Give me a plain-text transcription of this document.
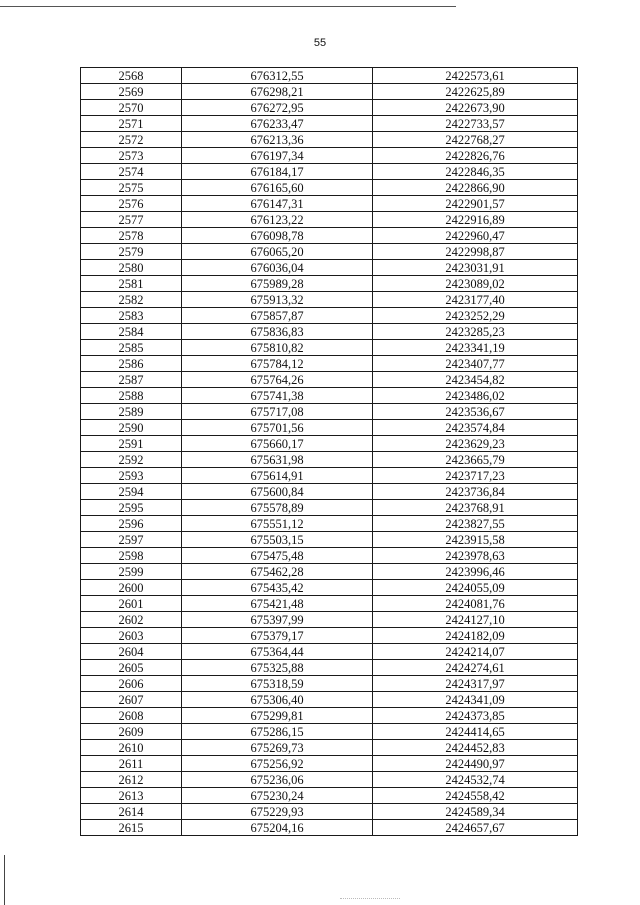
55
2568	676312,55	2422573,61
2569	676298,21	2422625,89
2570	676272,95	2422673,90
2571	676233,47	2422733,57
2572	676213,36	2422768,27
2573	676197,34	2422826,76
2574	676184,17	2422846,35
2575	676165,60	2422866,90
2576	676147,31	2422901,57
2577	676123,22	2422916,89
2578	676098,78	2422960,47
2579	676065,20	2422998,87
2580	676036,04	2423031,91
2581	675989,28	2423089,02
2582	675913,32	2423177,40
2583	675857,87	2423252,29
2584	675836,83	2423285,23
2585	675810,82	2423341,19
2586	675784,12	2423407,77
2587	675764,26	2423454,82
2588	675741,38	2423486,02
2589	675717,08	2423536,67
2590	675701,56	2423574,84
2591	675660,17	2423629,23
2592	675631,98	2423665,79
2593	675614,91	2423717,23
2594	675600,84	2423736,84
2595	675578,89	2423768,91
2596	675551,12	2423827,55
2597	675503,15	2423915,58
2598	675475,48	2423978,63
2599	675462,28	2423996,46
2600	675435,42	2424055,09
2601	675421,48	2424081,76
2602	675397,99	2424127,10
2603	675379,17	2424182,09
2604	675364,44	2424214,07
2605	675325,88	2424274,61
2606	675318,59	2424317,97
2607	675306,40	2424341,09
2608	675299,81	2424373,85
2609	675286,15	2424414,65
2610	675269,73	2424452,83
2611	675256,92	2424490,97
2612	675236,06	2424532,74
2613	675230,24	2424558,42
2614	675229,93	2424589,34
2615	675204,16	2424657,67
